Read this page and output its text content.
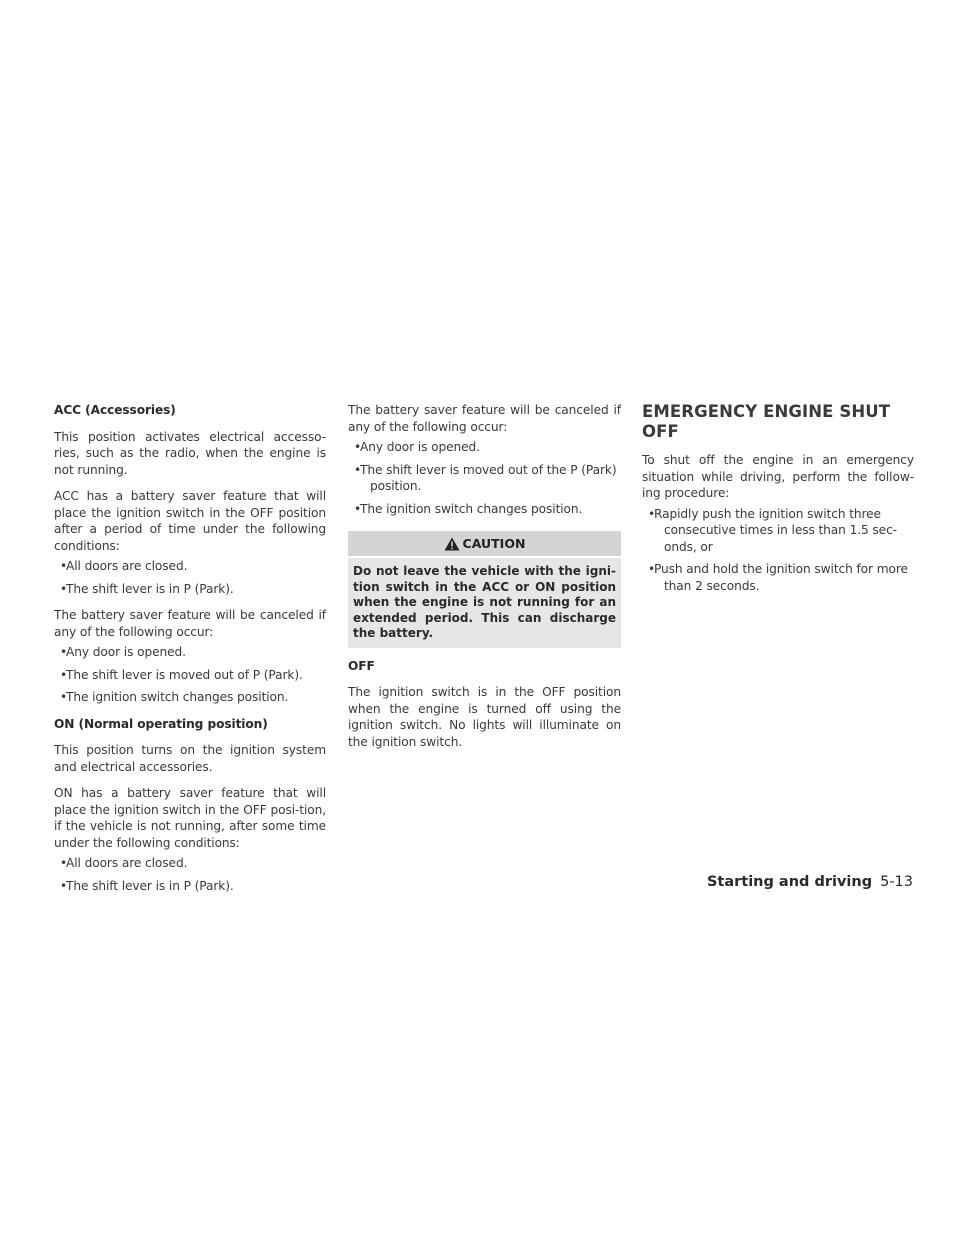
ACC (Accessories)

This position activates electrical accesso-ries, such as the radio, when the engine is not running.

ACC has a battery saver feature that will place the ignition switch in the OFF position after a period of time under the following conditions:

• All doors are closed.
• The shift lever is in P (Park).

The battery saver feature will be canceled if any of the following occur:

• Any door is opened.
• The shift lever is moved out of P (Park).
• The ignition switch changes position.

ON (Normal operating position)

This position turns on the ignition system and electrical accessories.

ON has a battery saver feature that will place the ignition switch in the OFF posi-tion, if the vehicle is not running, after some time under the following conditions:

• All doors are closed.
• The shift lever is in P (Park).

The battery saver feature will be canceled if any of the following occur:

• Any door is opened.
• The shift lever is moved out of the P (Park) position.
• The ignition switch changes position.
CAUTION
Do not leave the vehicle with the igni-tion switch in the ACC or ON position when the engine is not running for an extended period. This can discharge the battery.

OFF

The ignition switch is in the OFF position when the engine is turned off using the ignition switch. No lights will illuminate on the ignition switch.

EMERGENCY ENGINE SHUT OFF

To shut off the engine in an emergency situation while driving, perform the follow-ing procedure:

• Rapidly push the ignition switch three consecutive times in less than 1.5 sec-onds, or
• Push and hold the ignition switch for more than 2 seconds.
Starting and driving 5-13
